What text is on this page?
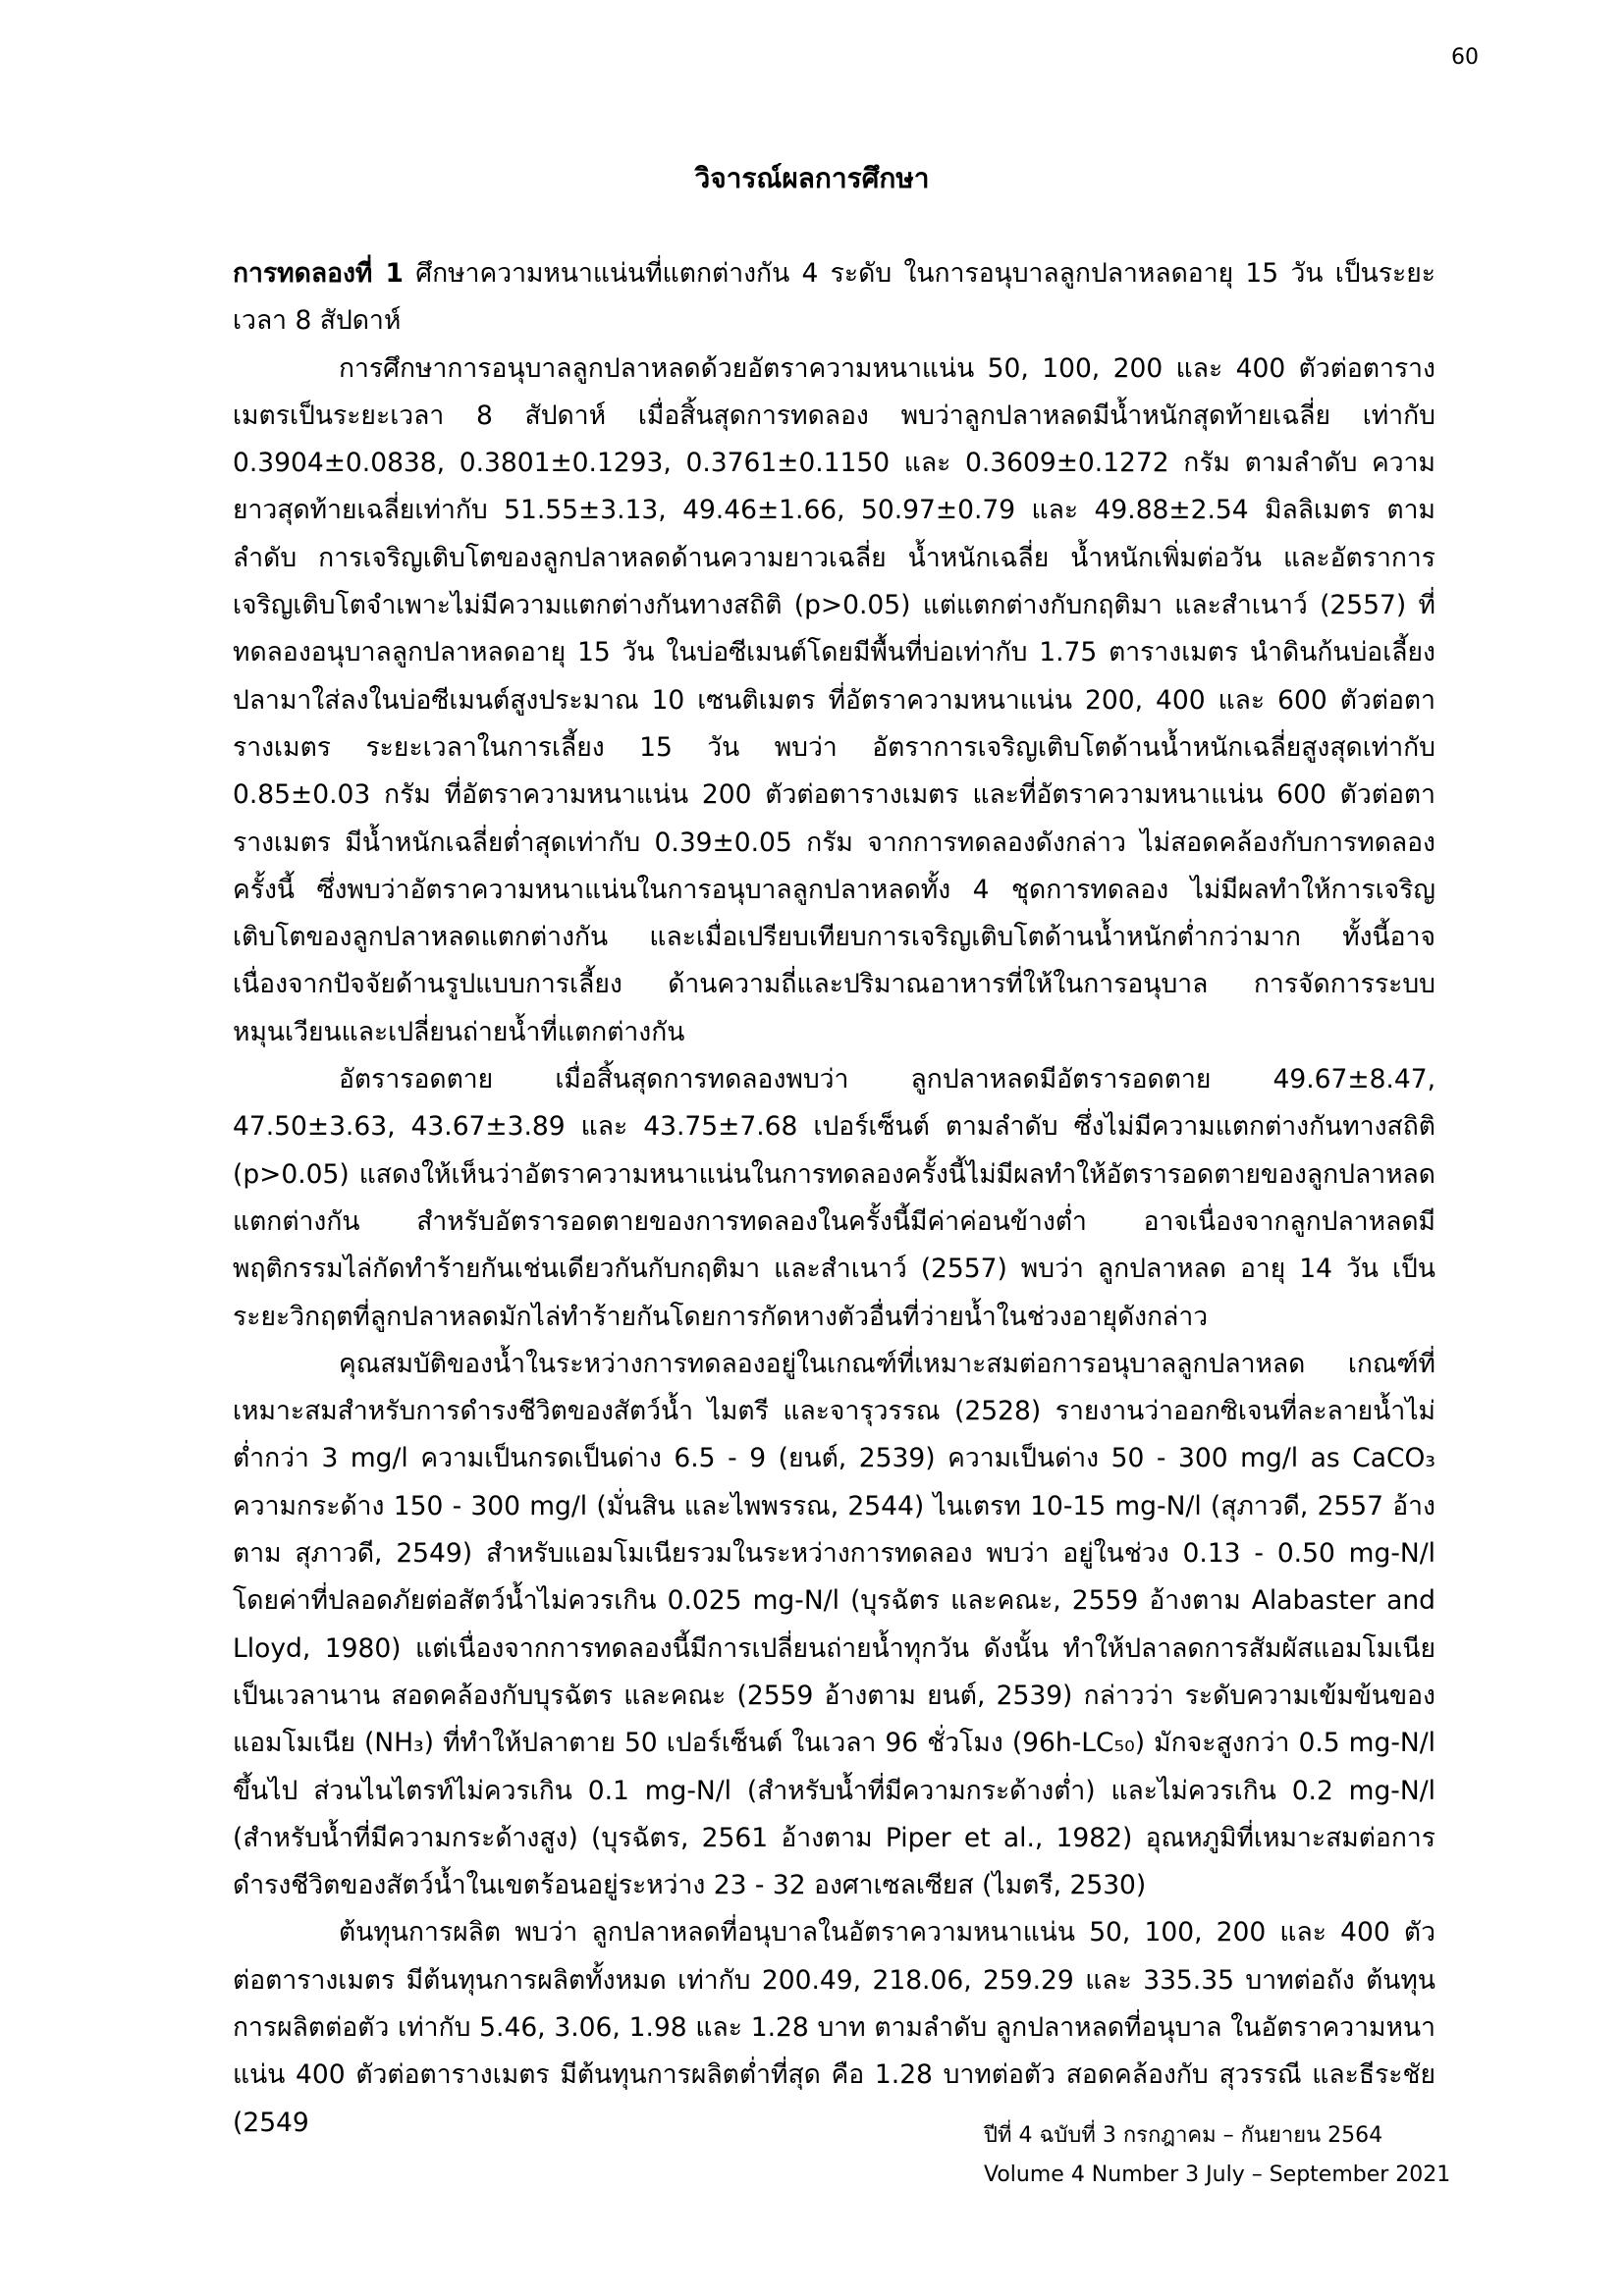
60
วิจารณ์ผลการศึกษา

การทดลองที่ 1 ศึกษาความหนาแน่นที่แตกต่างกัน 4 ระดับ ในการอนุบาลลูกปลาหลดอายุ 15 วัน เป็นระยะเวลา 8 สัปดาห์

การศึกษาการอนุบาลลูกปลาหลดด้วยอัตราความหนาแน่น 50, 100, 200 และ 400 ตัวต่อตารางเมตรเป็นระยะเวลา 8 สัปดาห์ เมื่อสิ้นสุดการทดลอง พบว่าลูกปลาหลดมีน้ำหนักสุดท้ายเฉลี่ย เท่ากับ 0.3904±0.0838, 0.3801±0.1293, 0.3761±0.1150 และ 0.3609±0.1272 กรัม ตามลำดับ ความยาวสุดท้ายเฉลี่ยเท่ากับ 51.55±3.13, 49.46±1.66, 50.97±0.79 และ 49.88±2.54 มิลลิเมตร ตามลำดับ การเจริญเติบโตของลูกปลาหลดด้านความยาวเฉลี่ย น้ำหนักเฉลี่ย น้ำหนักเพิ่มต่อวัน และอัตราการเจริญเติบโตจำเพาะไม่มีความแตกต่างกันทางสถิติ (p>0.05) แต่แตกต่างกับกฤติมา และสำเนาว์ (2557) ที่ทดลองอนุบาลลูกปลาหลดอายุ 15 วัน ในบ่อซีเมนต์โดยมีพื้นที่บ่อเท่ากับ 1.75 ตารางเมตร นำดินก้นบ่อเลี้ยงปลามาใส่ลงในบ่อซีเมนต์สูงประมาณ 10 เซนติเมตร ที่อัตราความหนาแน่น 200, 400 และ 600 ตัวต่อตารางเมตร ระยะเวลาในการเลี้ยง 15 วัน พบว่า อัตราการเจริญเติบโตด้านน้ำหนักเฉลี่ยสูงสุดเท่ากับ 0.85±0.03 กรัม ที่อัตราความหนาแน่น 200 ตัวต่อตารางเมตร และที่อัตราความหนาแน่น 600 ตัวต่อตารางเมตร มีน้ำหนักเฉลี่ยต่ำสุดเท่ากับ 0.39±0.05 กรัม จากการทดลองดังกล่าว ไม่สอดคล้องกับการทดลองครั้งนี้ ซึ่งพบว่าอัตราความหนาแน่นในการอนุบาลลูกปลาหลดทั้ง 4 ชุดการทดลอง ไม่มีผลทำให้การเจริญเติบโตของลูกปลาหลดแตกต่างกัน และเมื่อเปรียบเทียบการเจริญเติบโตด้านน้ำหนักต่ำกว่ามาก ทั้งนี้อาจเนื่องจากปัจจัยด้านรูปแบบการเลี้ยง ด้านความถี่และปริมาณอาหารที่ให้ในการอนุบาล การจัดการระบบหมุนเวียนและเปลี่ยนถ่ายน้ำที่แตกต่างกัน

อัตรารอดตาย เมื่อสิ้นสุดการทดลองพบว่า ลูกปลาหลดมีอัตรารอดตาย 49.67±8.47, 47.50±3.63, 43.67±3.89 และ 43.75±7.68 เปอร์เซ็นต์ ตามลำดับ ซึ่งไม่มีความแตกต่างกันทางสถิติ (p>0.05) แสดงให้เห็นว่าอัตราความหนาแน่นในการทดลองครั้งนี้ไม่มีผลทำให้อัตรารอดตายของลูกปลาหลดแตกต่างกัน สำหรับอัตรารอดตายของการทดลองในครั้งนี้มีค่าค่อนข้างต่ำ อาจเนื่องจากลูกปลาหลดมีพฤติกรรมไล่กัดทำร้ายกันเช่นเดียวกันกับกฤติมา และสำเนาว์ (2557) พบว่า ลูกปลาหลด อายุ 14 วัน เป็นระยะวิกฤตที่ลูกปลาหลดมักไล่ทำร้ายกันโดยการกัดหางตัวอื่นที่ว่ายน้ำในช่วงอายุดังกล่าว

คุณสมบัติของน้ำในระหว่างการทดลองอยู่ในเกณฑ์ที่เหมาะสมต่อการอนุบาลลูกปลาหลด เกณฑ์ที่เหมาะสมสำหรับการดำรงชีวิตของสัตว์น้ำ ไมตรี และจารุวรรณ (2528) รายงานว่าออกซิเจนที่ละลายน้ำไม่ต่ำกว่า 3 mg/l ความเป็นกรดเป็นด่าง 6.5 - 9 (ยนต์, 2539) ความเป็นด่าง 50 - 300 mg/l as CaCO₃ ความกระด้าง 150 - 300 mg/l (มั่นสิน และไพพรรณ, 2544) ไนเตรท 10-15 mg-N/l (สุภาวดี, 2557 อ้างตาม สุภาวดี, 2549) สำหรับแอมโมเนียรวมในระหว่างการทดลอง พบว่า อยู่ในช่วง 0.13 - 0.50 mg-N/l โดยค่าที่ปลอดภัยต่อสัตว์น้ำไม่ควรเกิน 0.025 mg-N/l (บุรฉัตร และคณะ, 2559 อ้างตาม Alabaster and Lloyd, 1980) แต่เนื่องจากการทดลองนี้มีการเปลี่ยนถ่ายน้ำทุกวัน ดังนั้น ทำให้ปลาลดการสัมผัสแอมโมเนียเป็นเวลานาน สอดคล้องกับบุรฉัตร และคณะ (2559 อ้างตาม ยนต์, 2539) กล่าวว่า ระดับความเข้มข้นของแอมโมเนีย (NH₃) ที่ทำให้ปลาตาย 50 เปอร์เซ็นต์ ในเวลา 96 ชั่วโมง (96h-LC₅₀) มักจะสูงกว่า 0.5 mg-N/l ขึ้นไป ส่วนไนไตรท์ไม่ควรเกิน 0.1 mg-N/l (สำหรับน้ำที่มีความกระด้างต่ำ) และไม่ควรเกิน 0.2 mg-N/l (สำหรับน้ำที่มีความกระด้างสูง) (บุรฉัตร, 2561 อ้างตาม Piper et al., 1982) อุณหภูมิที่เหมาะสมต่อการดำรงชีวิตของสัตว์น้ำในเขตร้อนอยู่ระหว่าง 23 - 32 องศาเซลเซียส (ไมตรี, 2530)

ต้นทุนการผลิต พบว่า ลูกปลาหลดที่อนุบาลในอัตราความหนาแน่น 50, 100, 200 และ 400 ตัวต่อตารางเมตร มีต้นทุนการผลิตทั้งหมด เท่ากับ 200.49, 218.06, 259.29 และ 335.35 บาทต่อถัง ต้นทุนการผลิตต่อตัว เท่ากับ 5.46, 3.06, 1.98 และ 1.28 บาท ตามลำดับ ลูกปลาหลดที่อนุบาล ในอัตราความหนาแน่น 400 ตัวต่อตารางเมตร มีต้นทุนการผลิตต่ำที่สุด คือ 1.28 บาทต่อตัว สอดคล้องกับ สุวรรณี และธีระชัย (2549	ปีที่ 4 ฉบับที่ 3 กรกฎาคม – กันยายน 2564
Volume 4 Number 3 July – September 2021
